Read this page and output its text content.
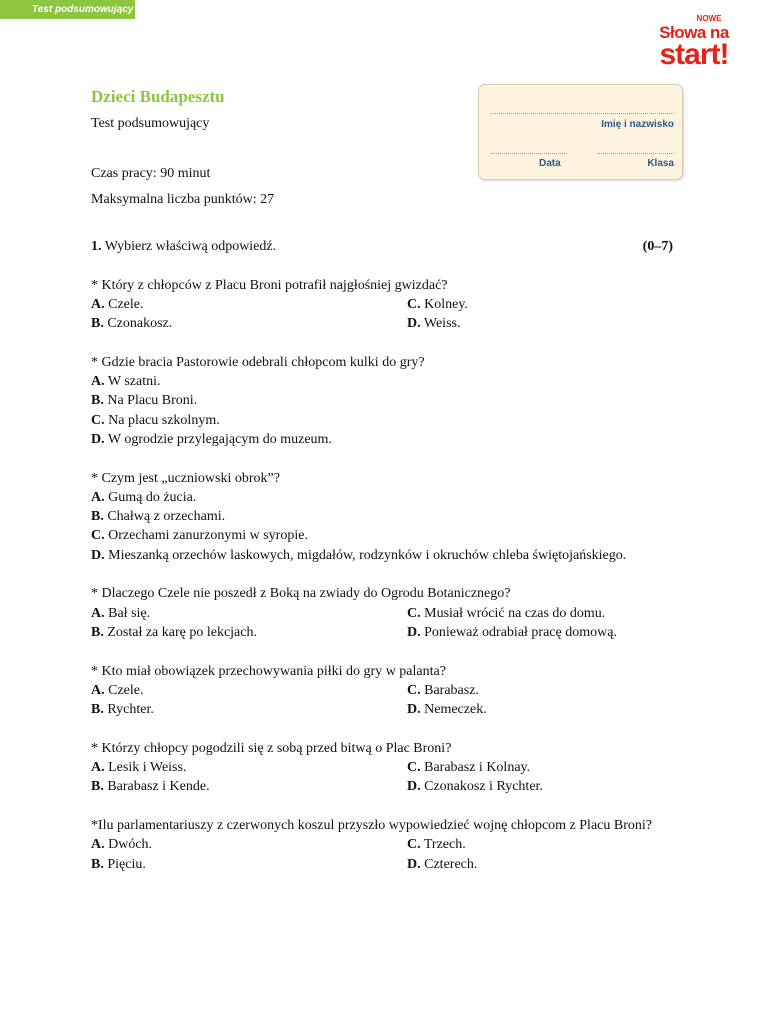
Test podsumowujący
NOWE
Słowa na
start!
Dzieci Budapesztu
Test podsumowujący
Czas pracy: 90 minut
Maksymalna liczba punktów: 27
Imię i nazwisko
Data	Klasa
1. Wybierz właściwą odpowiedź.	(0–7)
* Który z chłopców z Placu Broni potrafił najgłośniej gwizdać?
A. Czele.	C. Kolney.
B. Czonakosz.	D. Weiss.
* Gdzie bracia Pastorowie odebrali chłopcom kulki do gry?
A. W szatni.
B. Na Placu Broni.
C. Na placu szkolnym.
D. W ogrodzie przylegającym do muzeum.
* Czym jest „uczniowski obrok”?
A. Gumą do żucia.
B. Chałwą z orzechami.
C. Orzechami zanurzonymi w syropie.
D. Mieszanką orzechów laskowych, migdałów, rodzynków i okruchów chleba świętojańskiego.
* Dlaczego Czele nie poszedł z Boką na zwiady do Ogrodu Botanicznego?
A. Bał się.	C. Musiał wrócić na czas do domu.
B. Został za karę po lekcjach.	D. Ponieważ odrabiał pracę domową.
* Kto miał obowiązek przechowywania piłki do gry w palanta?
A. Czele.	C. Barabasz.
B. Rychter.	D. Nemeczek.
* Którzy chłopcy pogodzili się z sobą przed bitwą o Plac Broni?
A. Lesik i Weiss.	C. Barabasz i Kolnay.
B. Barabasz i Kende.	D. Czonakosz i Rychter.
*Ilu parlamentariuszy z czerwonych koszul przyszło wypowiedzieć wojnę chłopcom z Placu Broni?
A. Dwóch.	C. Trzech.
B. Pięciu.	D. Czterech.
